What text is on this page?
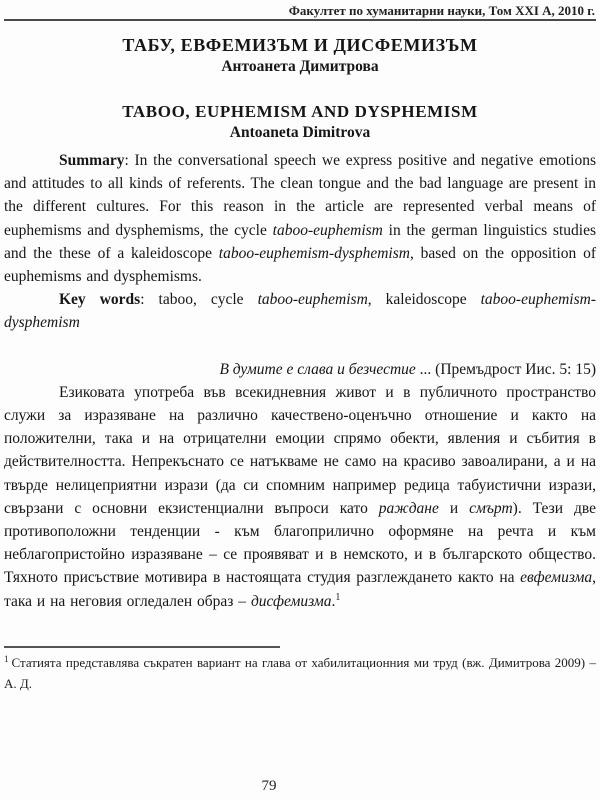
Факултет по хуманитарни науки, Том XXI А, 2010 г.
ТАБУ, ЕВФЕМИЗЪМ И ДИСФЕМИЗЪМ
Антоанета Димитрова
TABOO, EUPHEMISM AND DYSPHEMISM
Antoaneta Dimitrova

Summary: In the conversational speech we express positive and negative emotions and attitudes to all kinds of referents. The clean tongue and the bad language are present in the different cultures. For this reason in the article are represented verbal means of euphemisms and dysphemisms, the cycle taboo-euphemism in the german linguistics studies and the these of a kaleidoscope taboo-euphemism-dysphemism, based on the opposition of euphemisms and dysphemisms.

Key words: taboo, cycle taboo-euphemism, kaleidoscope taboo-euphemism-dysphemism

В думите е слава и безчестие ... (Премъдрост Иис. 5: 15)

Езиковата употреба във всекидневния живот и в публичното пространство служи за изразяване на различно качествено-оценъчно отношение и както на положителни, така и на отрицателни емоции спрямо обекти, явления и събития в действителността. Непрекъснато се натъкваме не само на красиво завоалирани, а и на твърде нелицеприятни изрази (да си спомним например редица табуистични изрази, свързани с основни екзистенциални въпроси като раждане и смърт). Тези две противоположни тенденции - към благоприлично оформяне на речта и към неблагопристойно изразяване – се проявяват и в немското, и в българското общество. Тяхното присъствие мотивира в настоящата студия разглеждането както на евфемизма, така и на неговия огледален образ – дисфемизма.$^1$

$^1$ Статията представлява съкратен вариант на глава от хабилитационния ми труд (вж. Димитрова 2009) – А. Д.

79
